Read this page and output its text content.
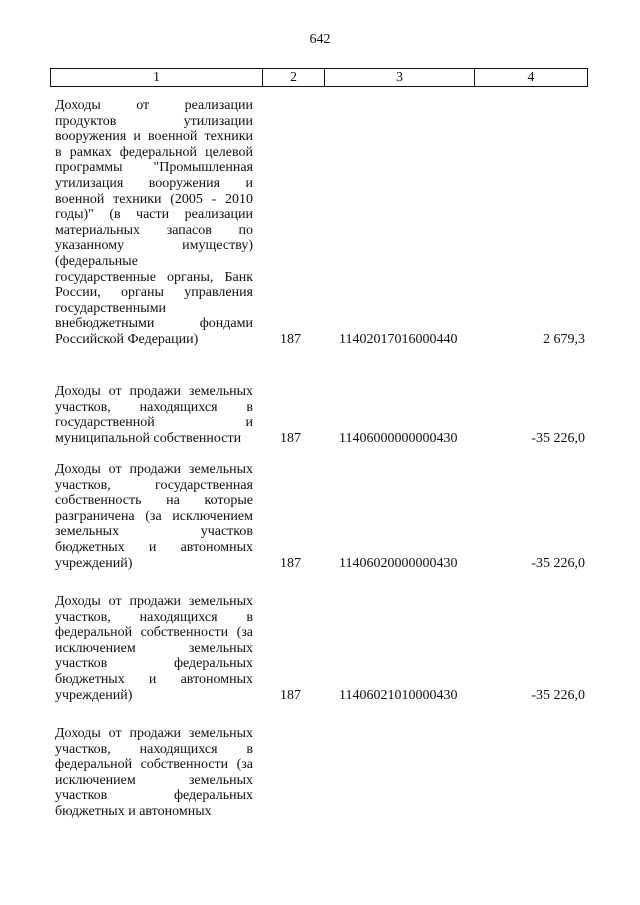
642
1	2	3	4
Доходы от реализации
продуктов утилизации
вооружения и военной техники
в рамках федеральной целевой
программы "Промышленная
утилизация вооружения и
военной техники (2005 - 2010
годы)" (в части реализации
материальных запасов по
указанному имуществу)
(федеральные
государственные органы, Банк
России, органы управления
государственными
внебюджетными фондами
Российской Федерации)	187	11402017016000440	2 679,3
Доходы от продажи земельных
участков, находящихся в
государственной и
муниципальной собственности	187	11406000000000430	-35 226,0
Доходы от продажи земельных
участков, государственная
собственность на которые
разграничена (за исключением
земельных участков
бюджетных и автономных
учреждений)	187	11406020000000430	-35 226,0
Доходы от продажи земельных
участков, находящихся в
федеральной собственности (за
исключением земельных
участков федеральных
бюджетных и автономных
учреждений)	187	11406021010000430	-35 226,0
Доходы от продажи земельных
участков, находящихся в
федеральной собственности (за
исключением земельных
участков федеральных
бюджетных и автономных
